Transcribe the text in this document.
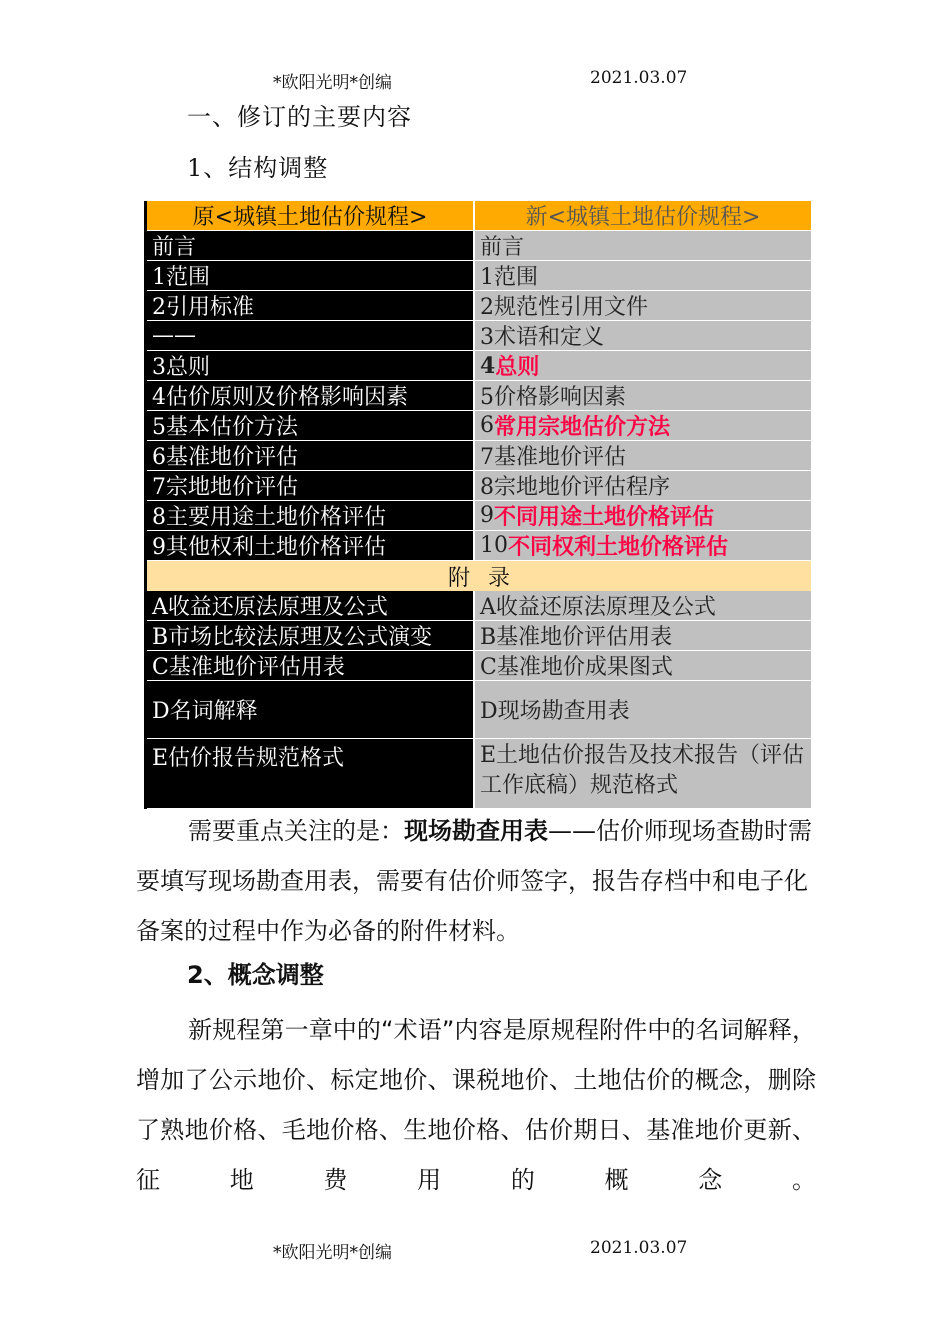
*欧阳光明*创编	2021.03.07
一、修订的主要内容
1、结构调整
原<城镇土地估价规程>	新<城镇土地估价规程>
前言	前言
1范围	1范围
2引用标准	2规范性引用文件
——	3术语和定义
3总则	4 总则
4估价原则及价格影响因素	5价格影响因素
5基本估价方法	6 常用宗地估价方法
6基准地价评估	7基准地价评估
7宗地地价评估	8宗地地价评估程序
8主要用途土地价格评估	9 不同用途土地价格评估
9其他权利土地价格评估	10 不同权利土地价格评估
附录
A收益还原法原理及公式	A收益还原法原理及公式
B市场比较法原理及公式演变	B基准地价评估用表
C基准地价评估用表	C基准地价成果图式
D名词解释	D现场勘查用表
E估价报告规范格式	E土地估价报告及技术报告（评估工作底稿）规范格式
需要重点关注的是：现场勘查用表——估价师现场查勘时需要填写现场勘查用表，需要有估价师签字，报告存档中和电子化备案的过程中作为必备的附件材料。
2、概念调整
新规程第一章中的“术语”内容是原规程附件中的名词解释，增加了公示地价、标定地价、课税地价、土地估价的概念，删除了熟地价格、毛地价格、生地价格、估价期日、基准地价更新、征地费用的概念。
*欧阳光明*创编	2021.03.07
